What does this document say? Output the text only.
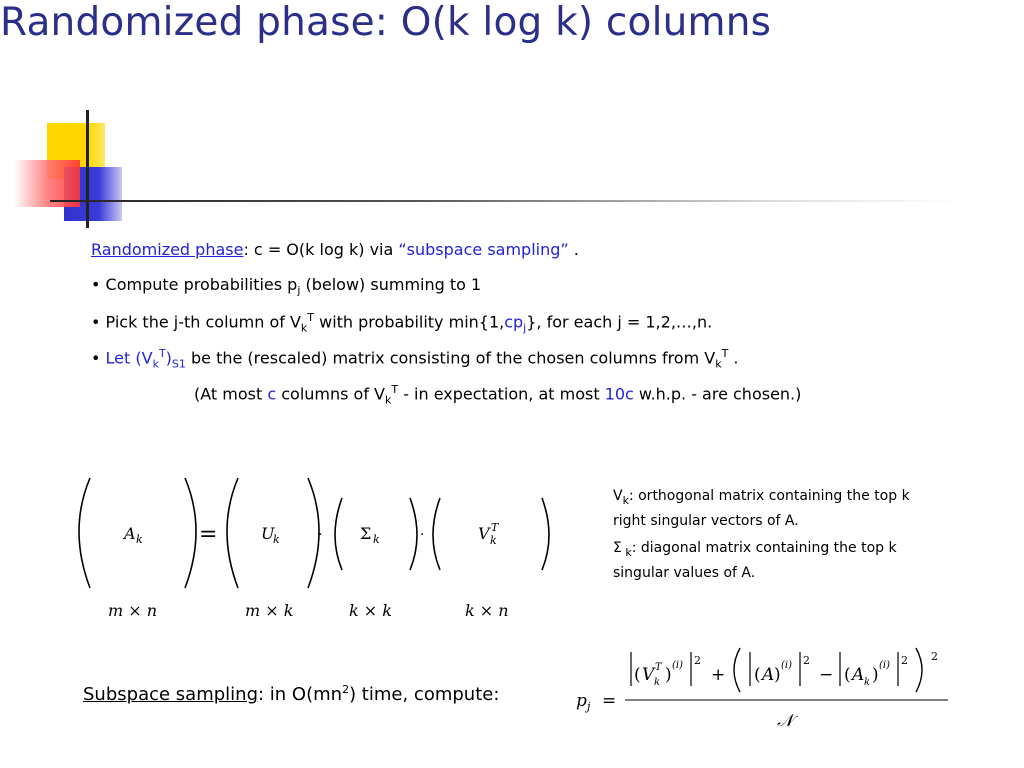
Randomized phase: O(k log k) columns
Randomized phase: c = O(k log k) via “subspace sampling” .
• Compute probabilities $p_j$ (below) summing to 1
• Pick the j-th column of $V_k^T$ with probability $\min\{1,cp_j\}$, for each j = 1,2,…,n.
• Let $(V_k^T)_{S1}$ be the (rescaled) matrix consisting of the chosen columns from $V_k^T$ .
(At most c columns of $V_k^T$ - in expectation, at most 10c w.h.p. - are chosen.)
A k	=	U
k	· Σ k	·	V k
T
m × n	m × k	k × k	k × n
$V_k$: orthogonal matrix containing the top k right singular vectors of A.
Σ $_k$: diagonal matrix containing the top k singular values of A.
Subspace sampling: in $O(mn^2)$ time, compute:	p j =
( V k
T ) (i) 2
+ ( A ) (i) 2
− ( A k ) (i) 2 2
𝒩
